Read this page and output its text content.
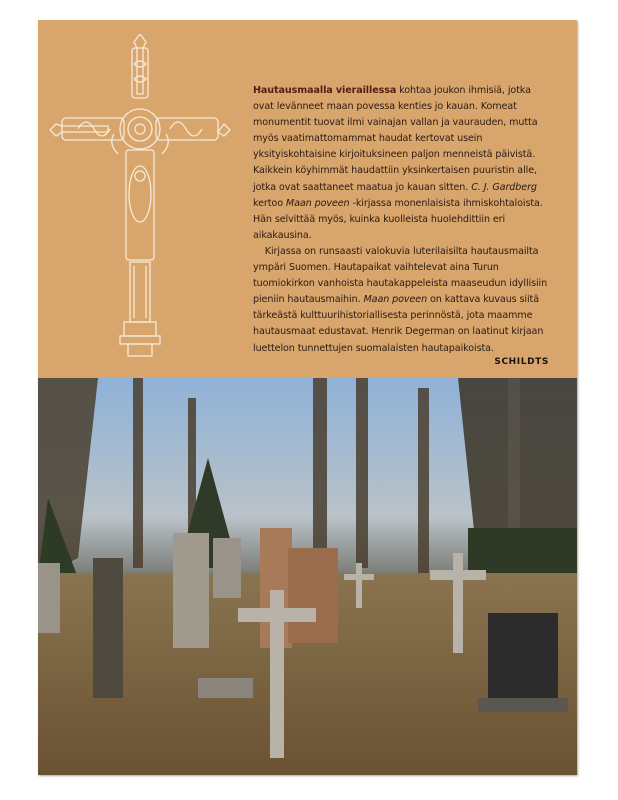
Hautausmaalla vieraillessa kohtaa joukon ihmisiä, jotka
ovat levänneet maan povessa kenties jo kauan. Komeat
monumentit tuovat ilmi vainajan vallan ja vaurauden, mutta
myös vaatimattomammat haudat kertovat usein
yksityiskohtaisine kirjoituksineen paljon menneistä päivistä.
Kaikkein köyhimmät haudattiin yksinkertaisen puuristin alle,
jotka ovat saattaneet maatua jo kauan sitten. C. J. Gardberg
kertoo Maan poveen -kirjassa monenlaisista ihmiskohtaloista.
Hän selvittää myös, kuinka kuolleista huolehdittiin eri
aikakausina.
Kirjassa on runsaasti valokuvia luterilaisilta hautausmailta
ympäri Suomen. Hautapaikat vaihtelevat aina Turun
tuomiokirkon vanhoista hautakappeleista maaseudun idyllisiin
pieniin hautausmaihin. Maan poveen on kattava kuvaus siitä
tärkeästä kulttuurihistoriallisesta perinnöstä, jota maamme
hautausmaat edustavat. Henrik Degerman on laatinut kirjaan
luettelon tunnettujen suomalaisten hautapaikoista.
SCHILDTS
